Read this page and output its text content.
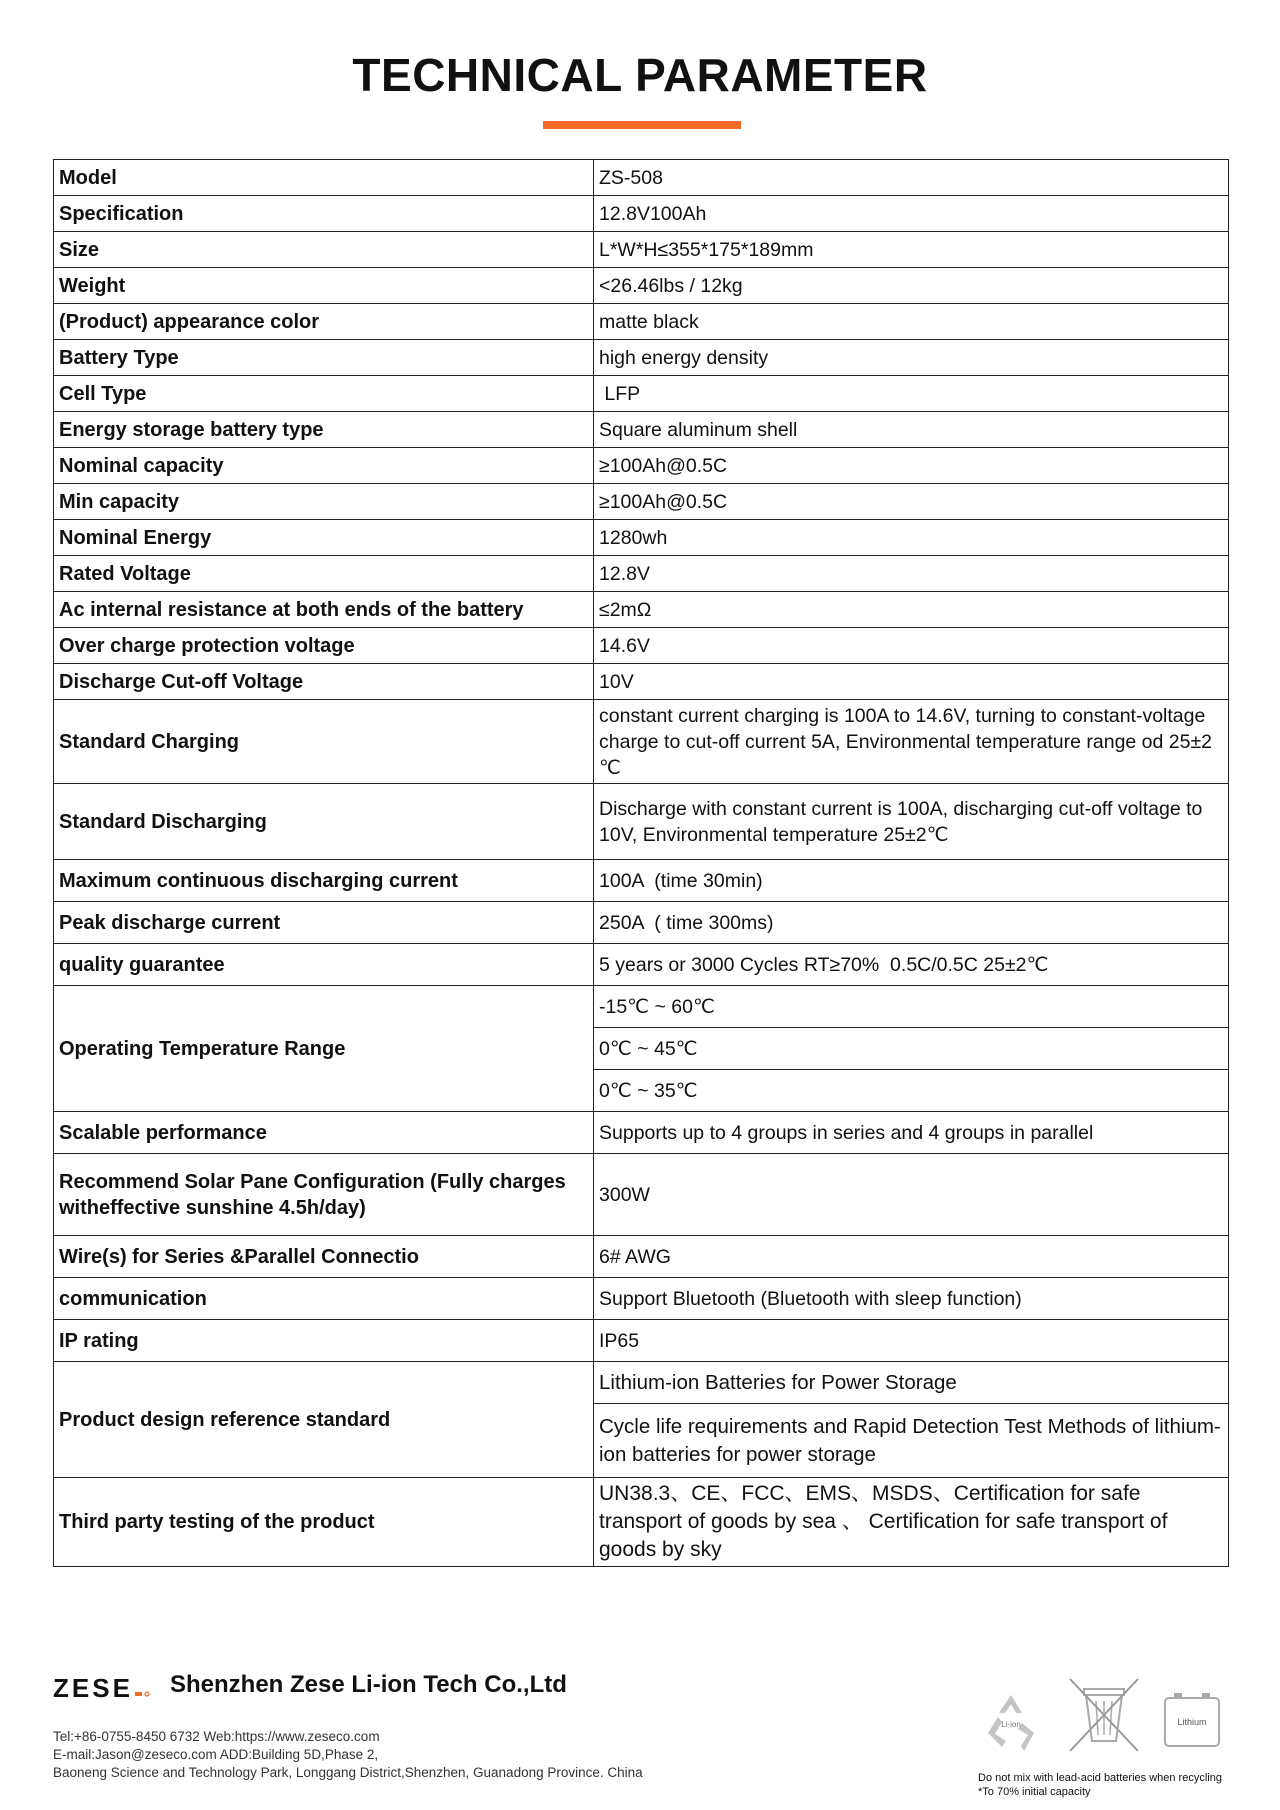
TECHNICAL PARAMETER
Model	ZS-508
Specification	12.8V100Ah
Size	L*W*H≤355*175*189mm
Weight	<26.46lbs / 12kg
(Product) appearance color	matte black
Battery Type	high energy density
Cell Type	LFP
Energy storage battery type	Square aluminum shell
Nominal capacity	≥100Ah@0.5C
Min capacity	≥100Ah@0.5C
Nominal Energy	1280wh
Rated Voltage	12.8V
Ac internal resistance at both ends of the battery	≤2mΩ
Over charge protection voltage	14.6V
Discharge Cut-off Voltage	10V
Standard Charging	constant current charging is 100A to 14.6V, turning to constant-voltage charge to cut-off current 5A, Environmental temperature range od 25±2 ℃
Standard Discharging	Discharge with constant current is 100A, discharging cut-off voltage to 10V, Environmental temperature 25±2℃
Maximum continuous discharging current	100A  (time 30min)
Peak discharge current	250A  ( time 300ms)
quality guarantee	5 years or 3000 Cycles RT≥70%  0.5C/0.5C 25±2℃
Operating Temperature Range	-15℃ ~ 60℃
	0℃ ~ 45℃
	0℃ ~ 35℃
Scalable performance	Supports up to 4 groups in series and 4 groups in parallel
Recommend Solar Pane Configuration (Fully charges witheffective sunshine 4.5h/day)	300W
Wire(s) for Series &Parallel Connectio	6# AWG
communication	Support Bluetooth (Bluetooth with sleep function)
IP rating	IP65
Product design reference standard	Lithium-ion Batteries for Power Storage
	Cycle life requirements and Rapid Detection Test Methods of lithium-ion batteries for power storage
Third party testing of the product	UN38.3、CE、FCC、EMS、MSDS、Certification for safe transport of goods by sea 、 Certification for safe transport of goods by sky
ZESE Shenzhen Zese Li-ion Tech Co.,Ltd
Tel:+86-0755-8450 6732 Web:https://www.zeseco.com
E-mail:Jason@zeseco.com ADD:Building 5D,Phase 2,
Baoneng Science and Technology Park, Longgang District,Shenzhen, Guanadong Province. China
Li-ion	Lithium
Do not mix with lead-acid batteries when recycling
*To 70% initial capacity
